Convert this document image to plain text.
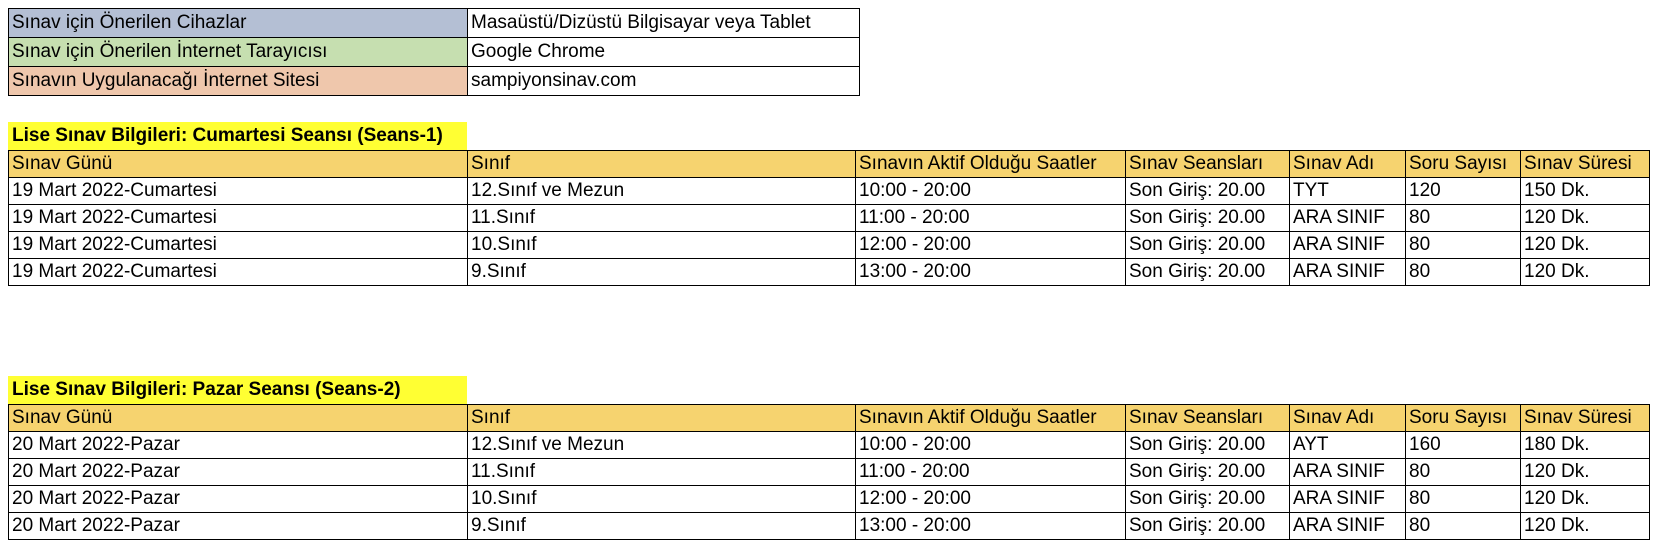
Sınav için Önerilen Cihazlar	Masaüstü/Dizüstü Bilgisayar veya Tablet
Sınav için Önerilen İnternet Tarayıcısı	Google Chrome
Sınavın Uygulanacağı İnternet Sitesi	sampiyonsinav.com
Lise Sınav Bilgileri: Cumartesi Seansı (Seans-1)
Sınav Günü	Sınıf	Sınavın Aktif Olduğu Saatler	Sınav Seansları	Sınav Adı	Soru Sayısı	Sınav Süresi
19 Mart 2022-Cumartesi	12.Sınıf ve Mezun	10:00 - 20:00	Son Giriş: 20.00	TYT	120	150 Dk.
19 Mart 2022-Cumartesi	11.Sınıf	11:00 - 20:00	Son Giriş: 20.00	ARA SINIF	80	120 Dk.
19 Mart 2022-Cumartesi	10.Sınıf	12:00 - 20:00	Son Giriş: 20.00	ARA SINIF	80	120 Dk.
19 Mart 2022-Cumartesi	9.Sınıf	13:00 - 20:00	Son Giriş: 20.00	ARA SINIF	80	120 Dk.
Lise Sınav Bilgileri: Pazar Seansı (Seans-2)
Sınav Günü	Sınıf	Sınavın Aktif Olduğu Saatler	Sınav Seansları	Sınav Adı	Soru Sayısı	Sınav Süresi
20 Mart 2022-Pazar	12.Sınıf ve Mezun	10:00 - 20:00	Son Giriş: 20.00	AYT	160	180 Dk.
20 Mart 2022-Pazar	11.Sınıf	11:00 - 20:00	Son Giriş: 20.00	ARA SINIF	80	120 Dk.
20 Mart 2022-Pazar	10.Sınıf	12:00 - 20:00	Son Giriş: 20.00	ARA SINIF	80	120 Dk.
20 Mart 2022-Pazar	9.Sınıf	13:00 - 20:00	Son Giriş: 20.00	ARA SINIF	80	120 Dk.
